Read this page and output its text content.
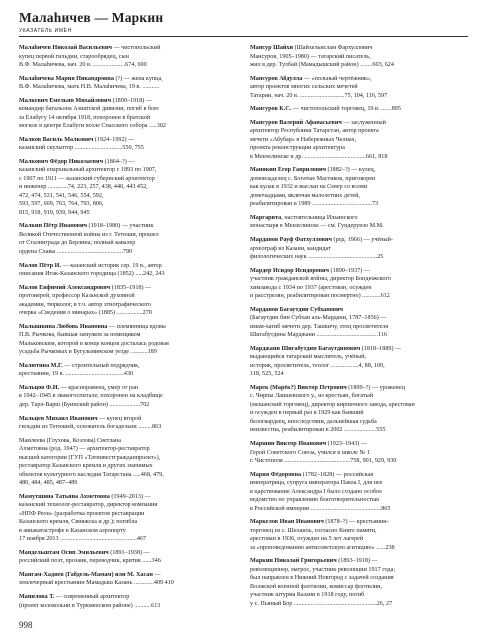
Малаһичев — Маркин
УКАЗАТЕЛЬ ИМЁН
Малаһичев Николай Васильевич — чистопольский
купец первой гильдии, старообрядец, сын
В.Ф. Малаһичева, нач. 20 в. .....................674, 690
Малаһичева Мария Никандровна (?) — жена купца,
В.Ф. Малаһичева, мать Н.В. Малаһичева, 19 в. ...........
Малкевич Емельян Михайлович (1890–1918) —
командир батальона Азиатской дивизии, погиб в бою
за Елабугу 14 октября 1918, похоронен в братской
могиле в центре Елабуги возле Спасского собора .....302
Малков Василь Малкович (1924–1992) —
казанский скульптор ...............................550, 755
Малкович Фёдор Николаевич (1864–?) —
казанский епархиальный архитектор с 1893 по 1907,
с 1907 по 1911 — казанский губернский архитектор
и инженер .............74, 223, 257, 438, 440, 443 452,
472, 474, 531, 541, 546, 554, 592,
593, 597, 609, 763, 764, 793, 806,
815, 918, 919, 939, 944, 945
Малкин Пётр Иванович (1918–1980) — участник
Великой Отечественной войны из г. Тетюши, прошел
от Сталинграда до Берлина; полный кавалер
ордена Славы ...........................................790
Малов Пётр И. — казанский историк сер. 19 в., автор
описания Итак-Казанского городища (1852) .....242, 243
Малов Евфимий Александрович (1835–1918) —
протоиерей, профессор Казанской духовной
академии, тюрколог, в т.ч. автор этнографического
очерка «Сведения о минарах» (1885) .................270
Малышкина Любовь Ивановна — племянница вдовы
П.В. Рычкова, бывшая замужем за помещиком
Мальковским, которой в конце концов досталась родовая
усадьба Рычковых в Бугульминском уезде ...........189
Малютина М.Г. — строительный подрядчик,
крестьянин, 19 в. ......................................430
Мальцов Ф.И. — краснорамеец, умер от ран
в 1942–1945 в эвакогоспитале; похоронен на кладбище
дер. Тарл-Варш (Буинский район) ....................702
Мальцев Михаил Иванович — купец второй
гильдии из Тетюшей, основатель богадельни .........863
Мамлеева (Глухова, Козлова) Светлана
Ахметовна (род. 1947) — архитектор-реставратор
высшей категории (ГУП «Татинвестгражданпроект»),
реставратор Казанского кремля и других значимых
объектов культурного наследия Татарстана .....468, 479,
480, 484, 485, 487–489
Мамутшина Татьяна Ахметовна (1949–2013) —
казанский технолог-реставратор, директор компании
«НПФ Реон» (разработка проектов реставрации
Казанского кремля, Свияжска и др.); погибла
в авиакатастрофе в Казанском аэропорту
17 ноября 2013 ..................................................467
Мандельштам Осип Эмильевич (1891–1938) —
российский поэт, прозаик, переводчик, критик ......346
Мангам-Хадиев (Габдель-Мамам) или М. Хасан —
землечерный крестьянин Мамадыш Казань .............409 410
Манилова Т. — современный архитектор
(проект колокольни в Туркменском районе) ...........613
Мансур Шайхи (Шайхельислам Фархуллович
Мансуров, 1905–1980) — татарский писатель,
жил в дер. Тулбай (Мамадышский район) ........603, 624
Мансуров Абдулла — «польный чертёжник»,
автор проектов многих сельских мечетей
Татарии, нач. 20 в. .............................75, 104, 116, 597
Мансуров К.С. — чистопольский торговец, 19 в. .......895
Мансуров Валерий Афанасьевич — заслуженный
архитектор Республики Татарстан, автор проекта
мечети «Абубар» в Набережных Челнах,
проекта реконструкции архитектура
в Мензелинске и др. ........................................661, 818
Манякин Егор Гаврилович (1882–?) — кулец,
домовладелец с. Богатые Мастиков, приговорен
как кулак в 1932 и выслан на Север со всеми
домочадцами, включая малолетних детей,
реабилитирован в 1989 .......................................73
Маргарита, настоятельница Ильинского
монастыря в Мензелинске — см. Гундерунзо М.М.
Марданов Рауф Фатхуллович (род. 1966) — учёный-
археограф из Казани, кандидат
филологических наук .............................................25
Мардер Исидор Исидорович (1890–1937) —
участник гражданской войны, директор Бондюжского
химзавода с 1934 по 1937 (арестован, осужден
и расстрелян, реабилитирован посмертно) ............612
Марданов Багаутдин Субханович
(Багаутдин бин Субхан аль-Мардани, 1787–1856) —
имам-хатиб мечети дер. Ташкичу, отец просветителя
Шигабутдина Марджани ........................................116
Марджани Шигабутдин Багаутдинович (1818–1889) —
выдающийся татарский мыслитель, учёный,
историк, просветитель, теолог ..................4, 88, 109,
118, 525, 524
Марек (Марёк?) Виктор Петрович (1899–?) — уроженец
с. Чирпы Лаишевского у., из крестьян, богатый
(мешанский торговец), директор кирпичного завода, арестован
и осужден в первый раз в 1929 как бывший
белогвардеец, впоследствии, дальнейшая судьба
неизвестна, реабилитирован в 2002 .....................555
Маршин Виктор Иванович (1923–1943) —
Герой Советского Союза, учился в школе № 1
г. Чистополя ...........................................758, 901, 929, 930
Мария Фёдоровна (1782–1828) — российская
императрица, супруга императора Павла I, для нее
в царствование Александра I было создано особое
ведомство по управлению благотворительностью
в Российской империи ..............................................865
Маркелов Иван Иванович (1878–?) — крестьянин-
торговец из с. Шелаиль, согласно Книге памяти,
арестован в 1936, осужден на 5 лет лагерей
за «проповедованию антисоветскую агитацию» ......238
Маркин Николай Григорьевич (1893–1918) —
революционер, матрос, участник революции 1917 года;
был направлен в Нижний Новгород с задачей создания
Волжской военной флотилии, комиссар флотилии,
участник штурма Казани в 1918 году, погиб
у с. Пьяный Бор ......................................................26, 27
998
